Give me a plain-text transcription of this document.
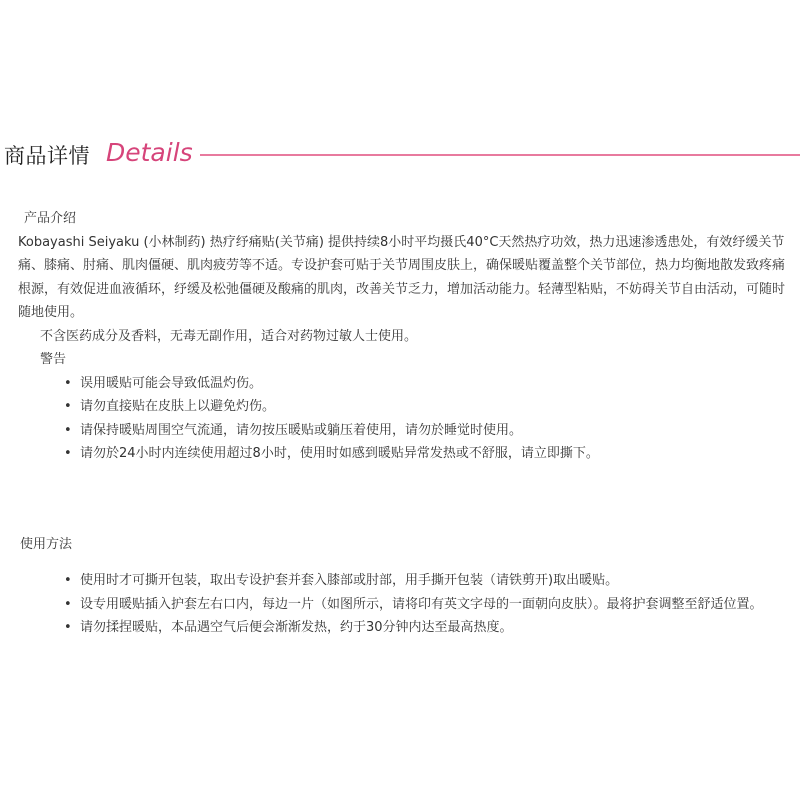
商品详情 Details

产品介绍

Kobayashi Seiyaku (小林制药) 热疗纾痛贴(关节痛) 提供持续8小时平均摄氏40°C天然热疗功效，热力迅速渗透患处，有效纾缓关节痛、膝痛、肘痛、肌肉僵硬、肌肉疲劳等不适。专设护套可贴于关节周围皮肤上，确保暖贴覆盖整个关节部位，热力均衡地散发致疼痛根源，有效促进血液循环，纾缓及松弛僵硬及酸痛的肌肉，改善关节乏力，增加活动能力。轻薄型粘贴，不妨碍关节自由活动，可随时随地使用。

不含医药成分及香料，无毒无副作用，适合对药物过敏人士使用。

警告

• 误用暖贴可能会导致低温灼伤。
• 请勿直接贴在皮肤上以避免灼伤。
• 请保持暖贴周围空气流通，请勿按压暖贴或躺压着使用，请勿於睡觉时使用。
• 请勿於24小时内连续使用超过8小时，使用时如感到暖贴异常发热或不舒服，请立即撕下。

使用方法

• 使用时才可撕开包装，取出专设护套并套入膝部或肘部，用手撕开包装（请铁剪开)取出暖贴。
• 设专用暖贴插入护套左右口内，每边一片（如图所示，请将印有英文字母的一面朝向皮肤）。最将护套调整至舒适位置。
• 请勿揉捏暖贴，本品遇空气后便会渐渐发热，约于30分钟内达至最高热度。
